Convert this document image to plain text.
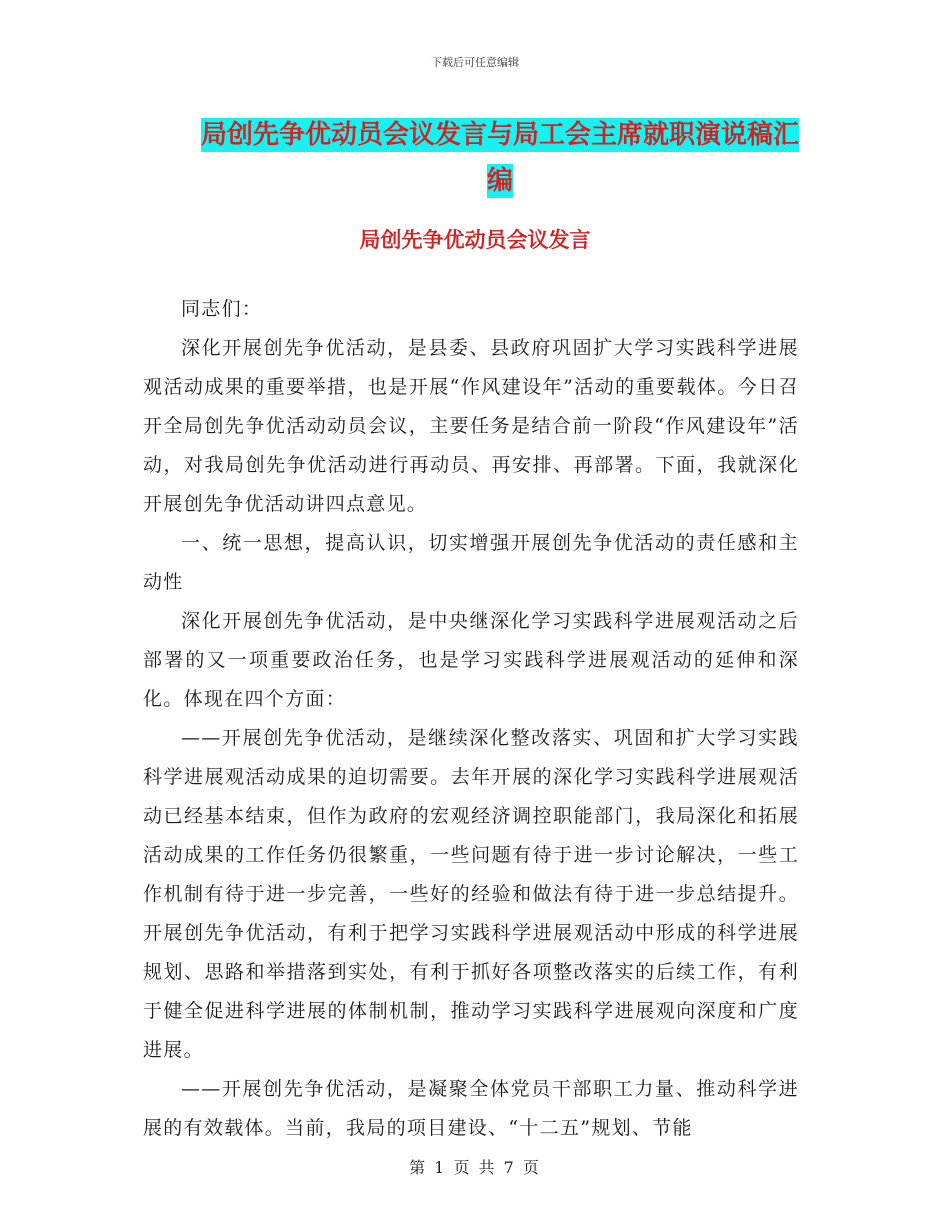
下载后可任意编辑
局创先争优动员会议发言与局工会主席就职演说稿汇编
局创先争优动员会议发言

同志们：

深化开展创先争优活动，是县委、县政府巩固扩大学习实践科学进展观活动成果的重要举措，也是开展“作风建设年”活动的重要载体。今日召开全局创先争优活动动员会议，主要任务是结合前一阶段“作风建设年”活动，对我局创先争优活动进行再动员、再安排、再部署。下面，我就深化开展创先争优活动讲四点意见。

一、统一思想，提高认识，切实增强开展创先争优活动的责任感和主动性

深化开展创先争优活动，是中央继深化学习实践科学进展观活动之后部署的又一项重要政治任务，也是学习实践科学进展观活动的延伸和深化。体现在四个方面：

——开展创先争优活动，是继续深化整改落实、巩固和扩大学习实践科学进展观活动成果的迫切需要。去年开展的深化学习实践科学进展观活动已经基本结束，但作为政府的宏观经济调控职能部门，我局深化和拓展活动成果的工作任务仍很繁重，一些问题有待于进一步讨论解决，一些工作机制有待于进一步完善，一些好的经验和做法有待于进一步总结提升。开展创先争优活动，有利于把学习实践科学进展观活动中形成的科学进展规划、思路和举措落到实处，有利于抓好各项整改落实的后续工作，有利于健全促进科学进展的体制机制，推动学习实践科学进展观向深度和广度进展。

——开展创先争优活动，是凝聚全体党员干部职工力量、推动科学进展的有效载体。当前，我局的项目建设、“十二五”规划、节能

第 1 页 共 7 页
